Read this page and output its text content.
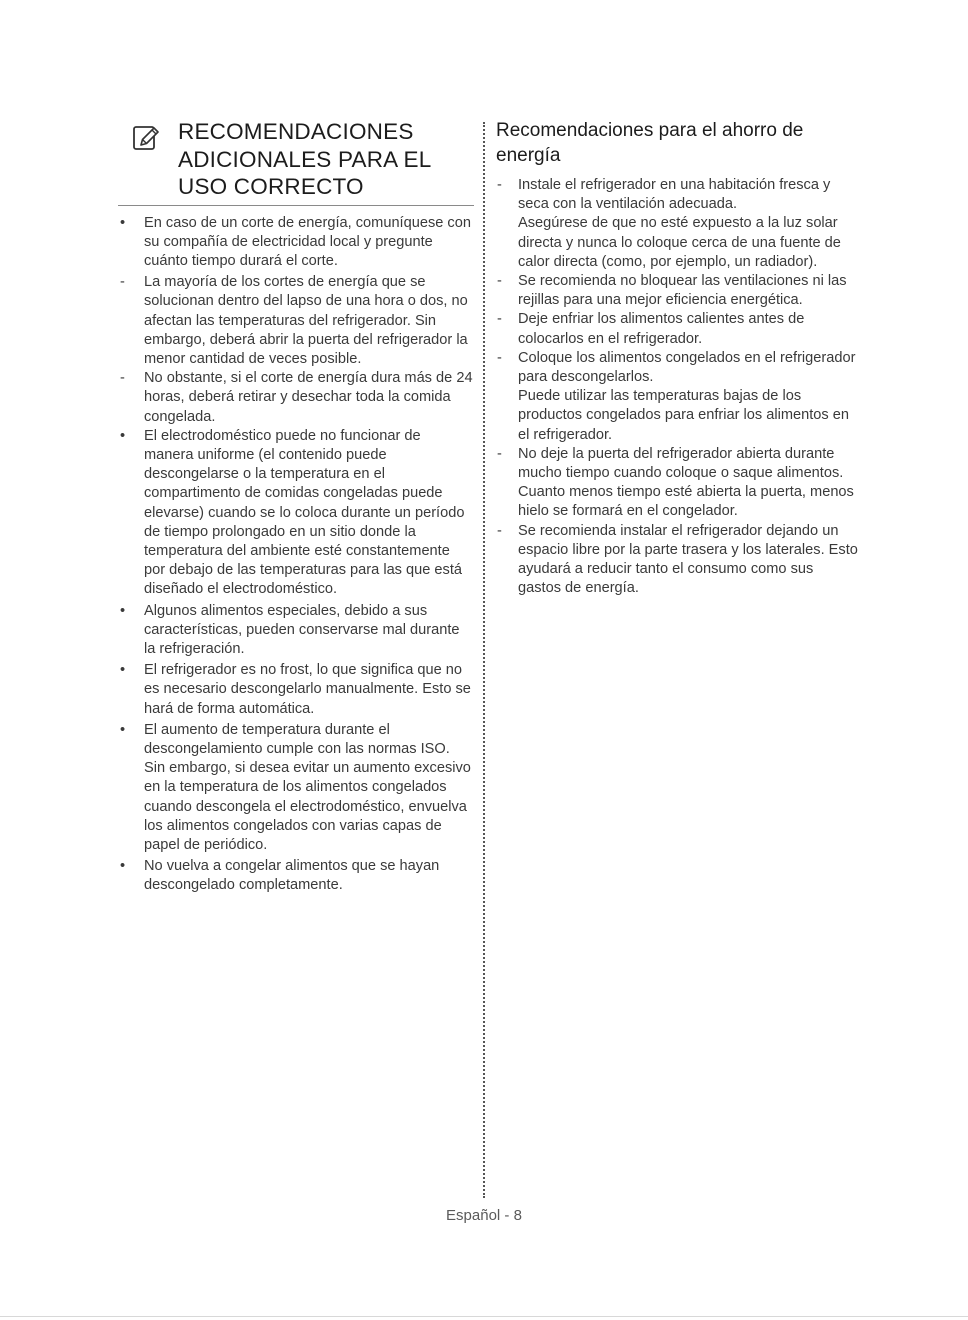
RECOMENDACIONES
ADICIONALES PARA EL
USO CORRECTO
•	En caso de un corte de energía, comuníquese con su compañía de electricidad local y pregunte cuánto tiempo durará el corte.
-	La mayoría de los cortes de energía que se solucionan dentro del lapso de una hora o dos, no afectan las temperaturas del refrigerador. Sin embargo, deberá abrir la puerta del refrigerador la menor cantidad de veces posible.
-	No obstante, si el corte de energía dura más de 24 horas, deberá retirar y desechar toda la comida congelada.
•	El electrodoméstico puede no funcionar de manera uniforme (el contenido puede descongelarse o la temperatura en el compartimento de comidas congeladas puede elevarse) cuando se lo coloca durante un período de tiempo prolongado en un sitio donde la temperatura del ambiente esté constantemente por debajo de las temperaturas para las que está diseñado el electrodoméstico.
•	Algunos alimentos especiales, debido a sus características, pueden conservarse mal durante la refrigeración.
•	El refrigerador es no frost, lo que significa que no es necesario descongelarlo manualmente. Esto se hará de forma automática.
•	El aumento de temperatura durante el descongelamiento cumple con las normas ISO. Sin embargo, si desea evitar un aumento excesivo en la temperatura de los alimentos congelados cuando descongela el electrodoméstico, envuelva los alimentos congelados con varias capas de papel de periódico.
•	No vuelva a congelar alimentos que se hayan descongelado completamente.
Recomendaciones para el ahorro de energía
-	Instale el refrigerador en una habitación fresca y seca con la ventilación adecuada.
Asegúrese de que no esté expuesto a la luz solar directa y nunca lo coloque cerca de una fuente de calor directa (como, por ejemplo, un radiador).
-	Se recomienda no bloquear las ventilaciones ni las rejillas para una mejor eficiencia energética.
-	Deje enfriar los alimentos calientes antes de colocarlos en el refrigerador.
-	Coloque los alimentos congelados en el refrigerador para descongelarlos.
Puede utilizar las temperaturas bajas de los productos congelados para enfriar los alimentos en el refrigerador.
-	No deje la puerta del refrigerador abierta durante mucho tiempo cuando coloque o saque alimentos.
Cuanto menos tiempo esté abierta la puerta, menos hielo se formará en el congelador.
-	Se recomienda instalar el refrigerador dejando un espacio libre por la parte trasera y los laterales. Esto ayudará a reducir tanto el consumo como sus gastos de energía.
Español - 8
